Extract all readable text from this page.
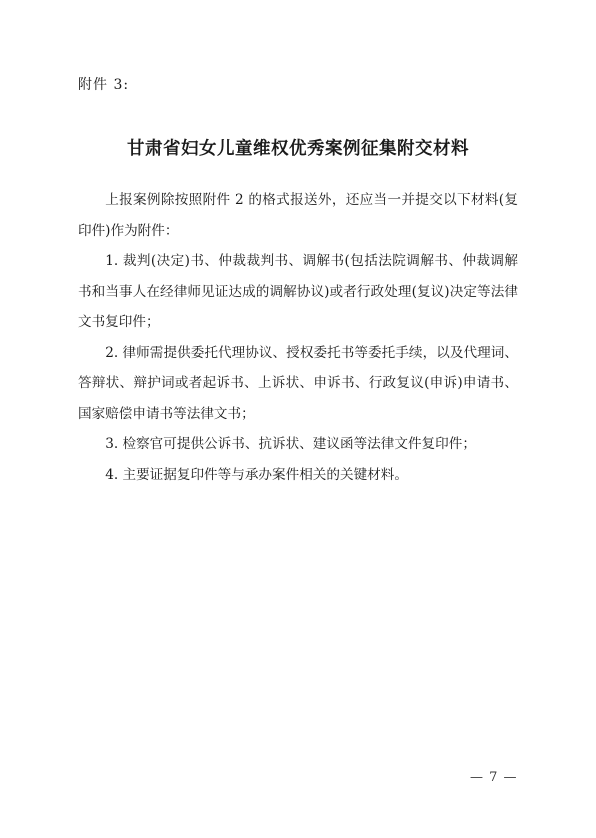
附件 3:
甘肃省妇女儿童维权优秀案例征集附交材料

上报案例除按照附件 2 的格式报送外，还应当一并提交以下材料(复印件)作为附件：

1. 裁判(决定)书、仲裁裁判书、调解书(包括法院调解书、仲裁调解书和当事人在经律师见证达成的调解协议)或者行政处理(复议)决定等法律文书复印件；

2. 律师需提供委托代理协议、授权委托书等委托手续，以及代理词、答辩状、辩护词或者起诉书、上诉状、申诉书、行政复议(申诉)申请书、国家赔偿申请书等法律文书；

3. 检察官可提供公诉书、抗诉状、建议函等法律文件复印件；

4. 主要证据复印件等与承办案件相关的关键材料。

— 7 —
